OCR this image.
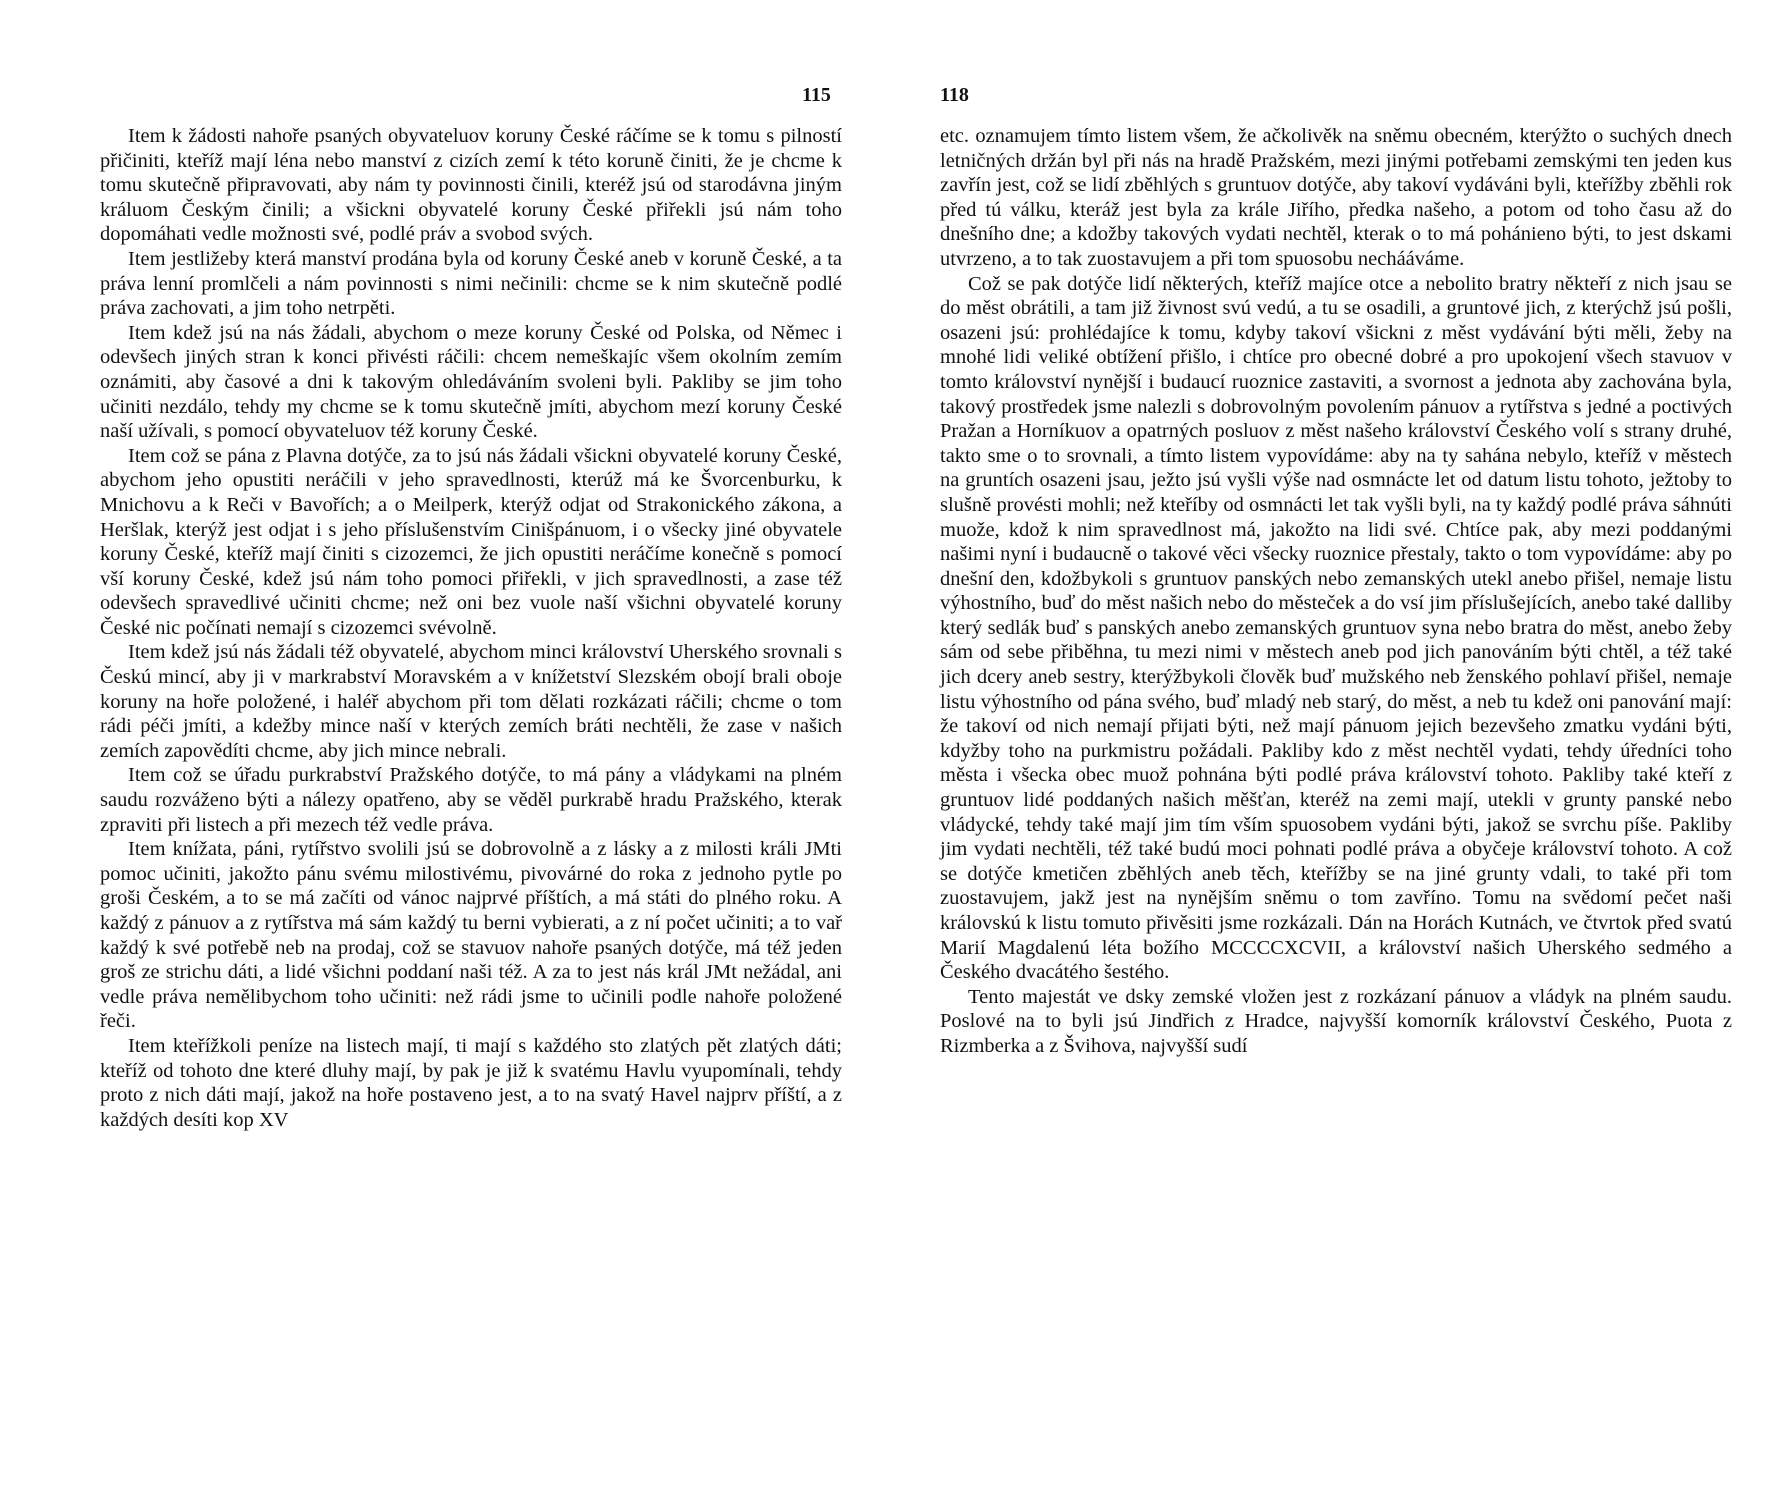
115

Item k žádosti nahoře psaných obyvateluov koruny České ráčíme se k tomu s pilností přičiniti, kteříž mají léna nebo manství z cizích zemí k této koruně činiti, že je chcme k tomu skutečně připravovati, aby nám ty povinnosti činili, kteréž jsú od starodávna jiným králuom Českým činili; a všickni obyvatelé koruny České přiřekli jsú nám toho dopomáhati vedle možnosti své, podlé práv a svobod svých.

Item jestližeby která manství prodána byla od koruny České aneb v koruně České, a ta práva lenní promlčeli a nám povinnosti s nimi nečinili: chcme se k nim skutečně podlé práva zachovati, a jim toho netrpěti.

Item kdež jsú na nás žádali, abychom o meze koruny České od Polska, od Němec i odevšech jiných stran k konci přivésti ráčili: chcem nemeškajíc všem okolním zemím oznámiti, aby časové a dni k takovým ohledáváním svoleni byli. Pakliby se jim toho učiniti nezdálo, tehdy my chcme se k tomu skutečně jmíti, abychom mezí koruny České naší užívali, s pomocí obyvateluov též koruny České.

Item což se pána z Plavna dotýče, za to jsú nás žádali všickni obyvatelé koruny České, abychom jeho opustiti neráčili v jeho spravedlnosti, kterúž má ke Švorcenburku, k Mnichovu a k Reči v Bavořích; a o Meilperk, kterýž odjat od Strakonického zákona, a Heršlak, kterýž jest odjat i s jeho příslušenstvím Cinišpánuom, i o všecky jiné obyvatele koruny České, kteříž mají činiti s cizozemci, že jich opustiti neráčíme konečně s pomocí vší koruny České, kdež jsú nám toho pomoci přiřekli, v jich spravedlnosti, a zase též odevšech spravedlivé učiniti chcme; než oni bez vuole naší všichni obyvatelé koruny České nic počínati nemají s cizozemci svévolně.

Item kdež jsú nás žádali též obyvatelé, abychom minci království Uherského srovnali s Českú mincí, aby ji v markrabství Moravském a v knížetství Slezském obojí brali oboje koruny na hoře položené, i haléř abychom při tom dělati rozkázati ráčili; chcme o tom rádi péči jmíti, a kdežby mince naší v kterých zemích bráti nechtěli, že zase v našich zemích zapovědíti chcme, aby jich mince nebrali.

Item což se úřadu purkrabství Pražského dotýče, to má pány a vládykami na plném saudu rozváženo býti a nálezy opatřeno, aby se věděl purkrabě hradu Pražského, kterak zpraviti při listech a při mezech též vedle práva.

Item knížata, páni, rytířstvo svolili jsú se dobrovolně a z lásky a z milosti králi JMti pomoc učiniti, jakožto pánu svému milostivému, pivovárné do roka z jednoho pytle po groši Českém, a to se má začíti od vánoc najprvé příštích, a má státi do plného roku. A každý z pánuov a z rytířstva má sám každý tu berni vybierati, a z ní počet učiniti; a to vař každý k své potřebě neb na prodaj, což se stavuov nahoře psaných dotýče, má též jeden groš ze strichu dáti, a lidé všichni poddaní naši též. A za to jest nás král JMt nežádal, ani vedle práva nemělibychom toho učiniti: než rádi jsme to učinili podle nahoře položené řeči.

Item kteřížkoli peníze na listech mají, ti mají s každého sto zlatých pět zlatých dáti; kteříž od tohoto dne které dluhy mají, by pak je již k svatému Havlu vyupomínali, tehdy proto z nich dáti mají, jakož na hoře postaveno jest, a to na svatý Havel najprv příští, a z každých desíti kop XV

118

etc. oznamujem tímto listem všem, že ačkolivěk na sněmu obecném, kterýžto o suchých dnech letničných držán byl při nás na hradě Pražském, mezi jinými potřebami zemskými ten jeden kus zavřín jest, což se lidí zběhlých s gruntuov dotýče, aby takoví vydáváni byli, kteřížby zběhli rok před tú válku, kteráž jest byla za krále Jiřího, předka našeho, a potom od toho času až do dnešního dne; a kdožby takových vydati nechtěl, kterak o to má pohánieno býti, to jest dskami utvrzeno, a to tak zuostavujem a při tom spuosobu nechááváme.

Což se pak dotýče lidí některých, kteříž majíce otce a nebolito bratry někteří z nich jsau se do měst obrátili, a tam již živnost svú vedú, a tu se osadili, a gruntové jich, z kterýchž jsú pošli, osazeni jsú: prohlédajíce k tomu, kdyby takoví všickni z měst vydávání býti měli, žeby na mnohé lidi veliké obtížení přišlo, i chtíce pro obecné dobré a pro upokojení všech stavuov v tomto království nynější i budaucí ruoznice zastaviti, a svornost a jednota aby zachována byla, takový prostředek jsme nalezli s dobrovolným povolením pánuov a rytířstva s jedné a poctivých Pražan a Horníkuov a opatrných posluov z měst našeho království Českého volí s strany druhé, takto sme o to srovnali, a tímto listem vypovídáme: aby na ty sahána nebylo, kteříž v městech na gruntích osazeni jsau, ježto jsú vyšli výše nad osmnácte let od datum listu tohoto, ježtoby to slušně provésti mohli; než kteříby od osmnácti let tak vyšli byli, na ty každý podlé práva sáhnúti muože, kdož k nim spravedlnost má, jakožto na lidi své. Chtíce pak, aby mezi poddanými našimi nyní i budaucně o takové věci všecky ruoznice přestaly, takto o tom vypovídáme: aby po dnešní den, kdožbykoli s gruntuov panských nebo zemanských utekl anebo přišel, nemaje listu výhostního, buď do měst našich nebo do městeček a do vsí jim příslušejících, anebo také dalliby který sedlák buď s panských anebo zemanských gruntuov syna nebo bratra do měst, anebo žeby sám od sebe přiběhna, tu mezi nimi v městech aneb pod jich panováním býti chtěl, a též také jich dcery aneb sestry, kterýžbykoli člověk buď mužského neb ženského pohlaví přišel, nemaje listu výhostního od pána svého, buď mladý neb starý, do měst, a neb tu kdež oni panování mají: že takoví od nich nemají přijati býti, než mají pánuom jejich bezevšeho zmatku vydáni býti, kdyžby toho na purkmistru požádali. Pakliby kdo z měst nechtěl vydati, tehdy úředníci toho města i všecka obec muož pohnána býti podlé práva království tohoto. Pakliby také kteří z gruntuov lidé poddaných našich měšťan, kteréž na zemi mají, utekli v grunty panské nebo vládycké, tehdy také mají jim tím vším spuosobem vydáni býti, jakož se svrchu píše. Pakliby jim vydati nechtěli, též také budú moci pohnati podlé práva a obyčeje království tohoto. A což se dotýče kmetičen zběhlých aneb těch, kteřížby se na jiné grunty vdali, to také při tom zuostavujem, jakž jest na nynějším sněmu o tom zavříno. Tomu na svědomí pečet naši královskú k listu tomuto přivěsiti jsme rozkázali. Dán na Horách Kutnách, ve čtvrtok před svatú Marií Magdalenú léta božího MCCCCXCVII, a království našich Uherského sedmého a Českého dvacátého šestého.

Tento majestát ve dsky zemské vložen jest z rozkázaní pánuov a vládyk na plném saudu. Poslové na to byli jsú Jindřich z Hradce, najvyšší komorník království Českého, Puota z Rizmberka a z Švihova, najvyšší sudí
